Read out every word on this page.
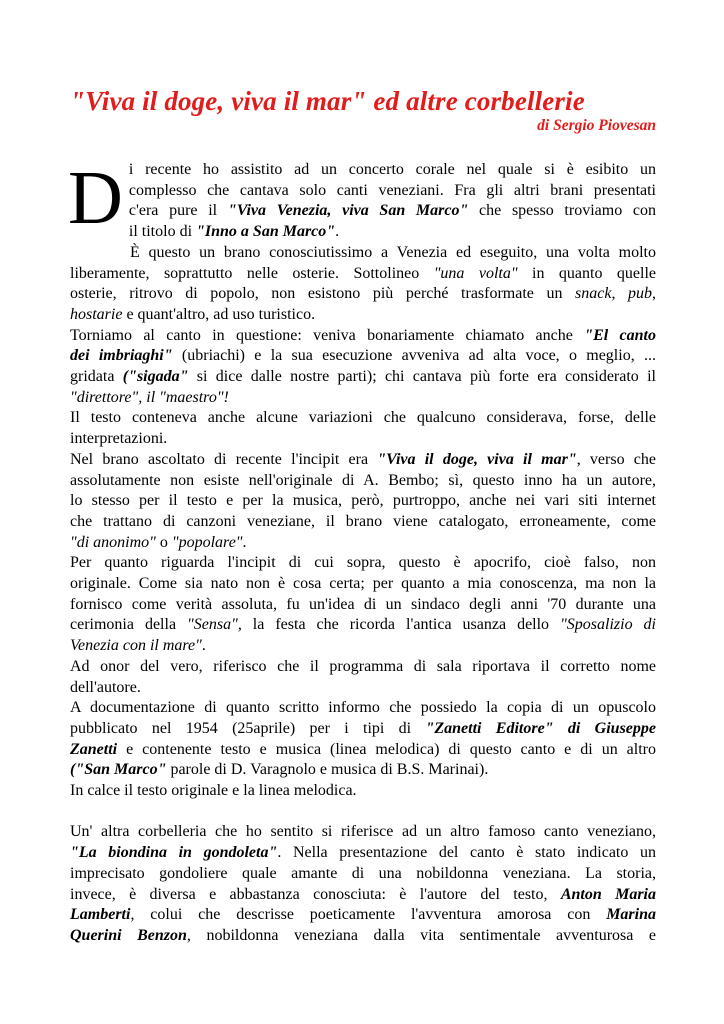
"Viva il doge, viva il mar" ed altre corbellerie
di Sergio Piovesan
D i recente ho assistito ad un concerto corale nel quale si è esibito un
complesso che cantava solo canti veneziani. Fra gli altri brani presentati
c'era pure il "Viva Venezia, viva San Marco" che spesso troviamo con
il titolo di "Inno a San Marco".
È questo un brano conosciutissimo a Venezia ed eseguito, una volta molto
liberamente, soprattutto nelle osterie. Sottolineo "una volta" in quanto quelle
osterie, ritrovo di popolo, non esistono più perché trasformate un snack, pub,
hostarie e quant'altro, ad uso turistico.
Torniamo al canto in questione: veniva bonariamente chiamato anche "El canto
dei imbriaghi" (ubriachi) e la sua esecuzione avveniva ad alta voce, o meglio, ...
gridata ("sigada" si dice dalle nostre parti); chi cantava più forte era considerato il
"direttore", il "maestro"!
Il testo conteneva anche alcune variazioni che qualcuno considerava, forse, delle
interpretazioni.
Nel brano ascoltato di recente l'incipit era "Viva il doge, viva il mar", verso che
assolutamente non esiste nell'originale di A. Bembo; sì, questo inno ha un autore,
lo stesso per il testo e per la musica, però, purtroppo, anche nei vari siti internet
che trattano di canzoni veneziane, il brano viene catalogato, erroneamente, come
"di anonimo" o "popolare".
Per quanto riguarda l'incipit di cui sopra, questo è apocrifo, cioè falso, non
originale. Come sia nato non è cosa certa; per quanto a mia conoscenza, ma non la
fornisco come verità assoluta, fu un'idea di un sindaco degli anni '70 durante una
cerimonia della "Sensa", la festa che ricorda l'antica usanza dello "Sposalizio di
Venezia con il mare".
Ad onor del vero, riferisco che il programma di sala riportava il corretto nome
dell'autore.
A documentazione di quanto scritto informo che possiedo la copia di un opuscolo
pubblicato nel 1954 (25aprile) per i tipi di "Zanetti Editore" di Giuseppe
Zanetti e contenente testo e musica (linea melodica) di questo canto e di un altro
("San Marco" parole di D. Varagnolo e musica di B.S. Marinai).
In calce il testo originale e la linea melodica.
Un' altra corbelleria che ho sentito si riferisce ad un altro famoso canto veneziano,
"La biondina in gondoleta". Nella presentazione del canto è stato indicato un
imprecisato gondoliere quale amante di una nobildonna veneziana. La storia,
invece, è diversa e abbastanza conosciuta: è l'autore del testo, Anton Maria
Lamberti, colui che descrisse poeticamente l'avventura amorosa con Marina
Querini Benzon, nobildonna veneziana dalla vita sentimentale avventurosa e
